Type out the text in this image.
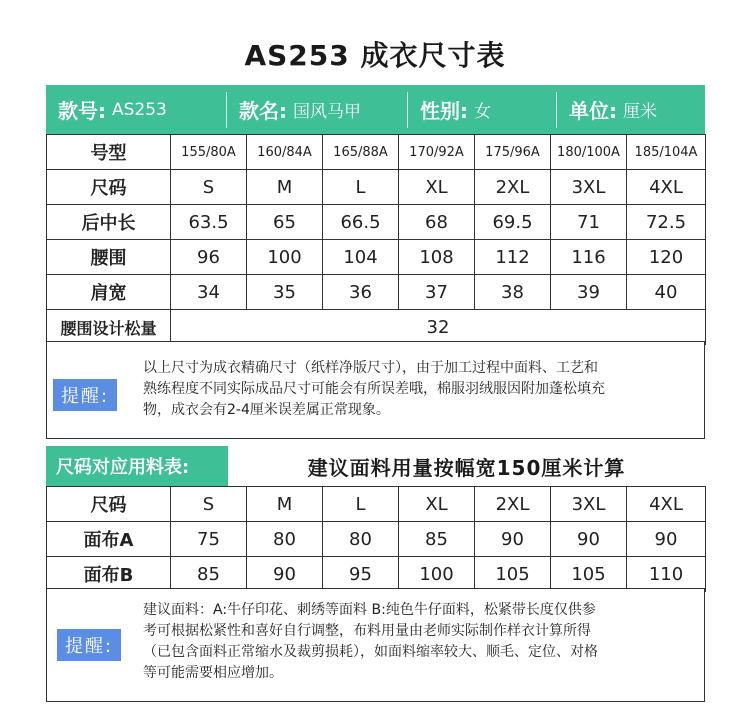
AS253 成衣尺寸表
款号: AS253	款名: 国风马甲	性别: 女	单位: 厘米
号型	155/80A	160/84A	165/88A	170/92A	175/96A	180/100A	185/104A
尺码	S	M	L	XL	2XL	3XL	4XL
后中长	63.5	65	66.5	68	69.5	71	72.5
腰围	96	100	104	108	112	116	120
肩宽	34	35	36	37	38	39	40
腰围设计松量	32						
提醒:
以上尺寸为成衣精确尺寸（纸样净版尺寸），由于加工过程中面料、工艺和
熟练程度不同实际成品尺寸可能会有所误差哦，棉服羽绒服因附加蓬松填充
物，成衣会有2-4厘米误差属正常现象。
尺码对应用料表:	建议面料用量按幅宽150厘米计算
尺码	S	M	L	XL	2XL	3XL	4XL
面布A	75	80	80	85	90	90	90
面布B	85	90	95	100	105	105	110
提醒:
建议面料：A:牛仔印花、刺绣等面料 B:纯色牛仔面料，松紧带长度仅供参
考可根据松紧性和喜好自行调整，布料用量由老师实际制作样衣计算所得
（已包含面料正常缩水及裁剪损耗），如面料缩率较大、顺毛、定位、对格
等可能需要相应增加。
